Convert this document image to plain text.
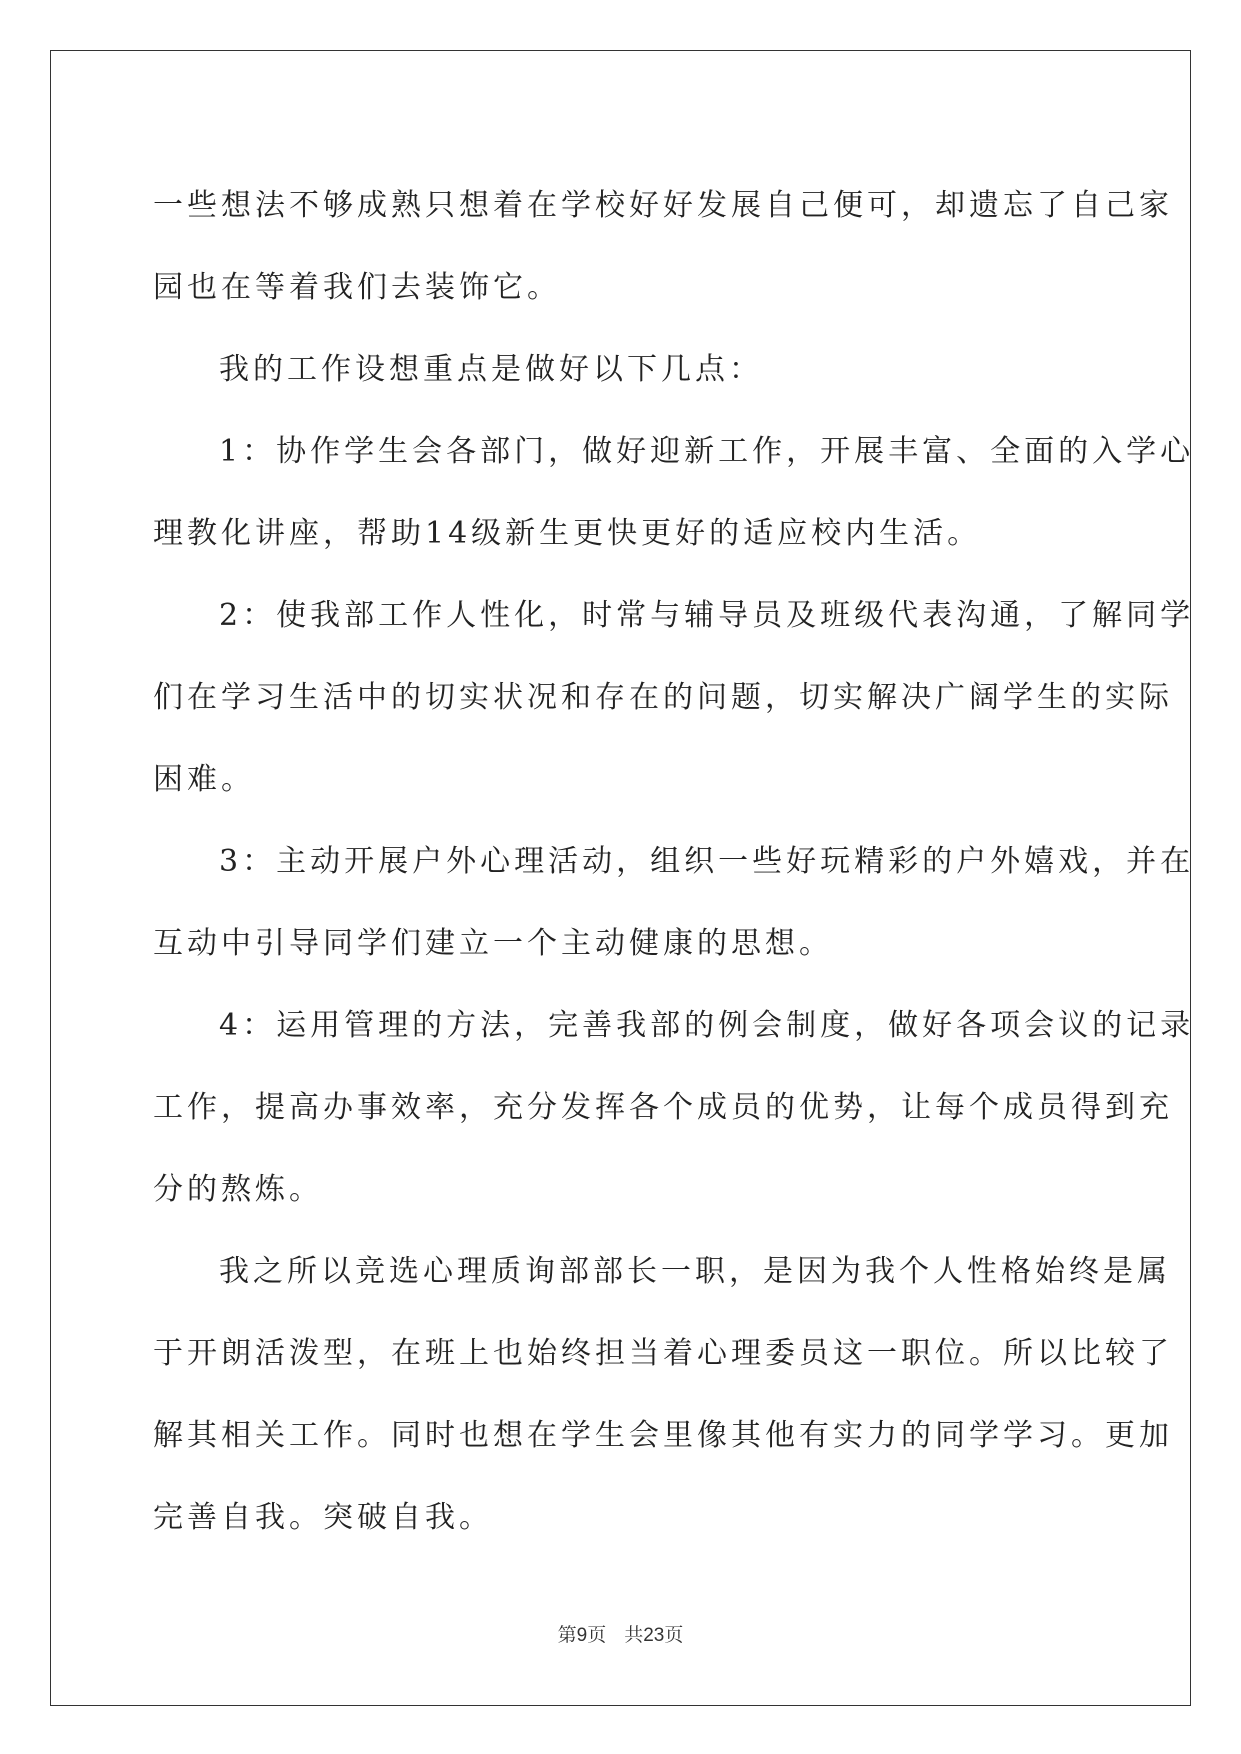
一些想法不够成熟只想着在学校好好发展自己便可，却遗忘了自己家
园也在等着我们去装饰它。
我的工作设想重点是做好以下几点：
1：协作学生会各部门，做好迎新工作，开展丰富、全面的入学心
理教化讲座，帮助14级新生更快更好的适应校内生活。
2：使我部工作人性化，时常与辅导员及班级代表沟通，了解同学
们在学习生活中的切实状况和存在的问题，切实解决广阔学生的实际
困难。
3：主动开展户外心理活动，组织一些好玩精彩的户外嬉戏，并在
互动中引导同学们建立一个主动健康的思想。
4：运用管理的方法，完善我部的例会制度，做好各项会议的记录
工作，提高办事效率，充分发挥各个成员的优势，让每个成员得到充
分的熬炼。
我之所以竞选心理质询部部长一职，是因为我个人性格始终是属
于开朗活泼型，在班上也始终担当着心理委员这一职位。所以比较了
解其相关工作。同时也想在学生会里像其他有实力的同学学习。更加
完善自我。突破自我。
第9页 共23页
